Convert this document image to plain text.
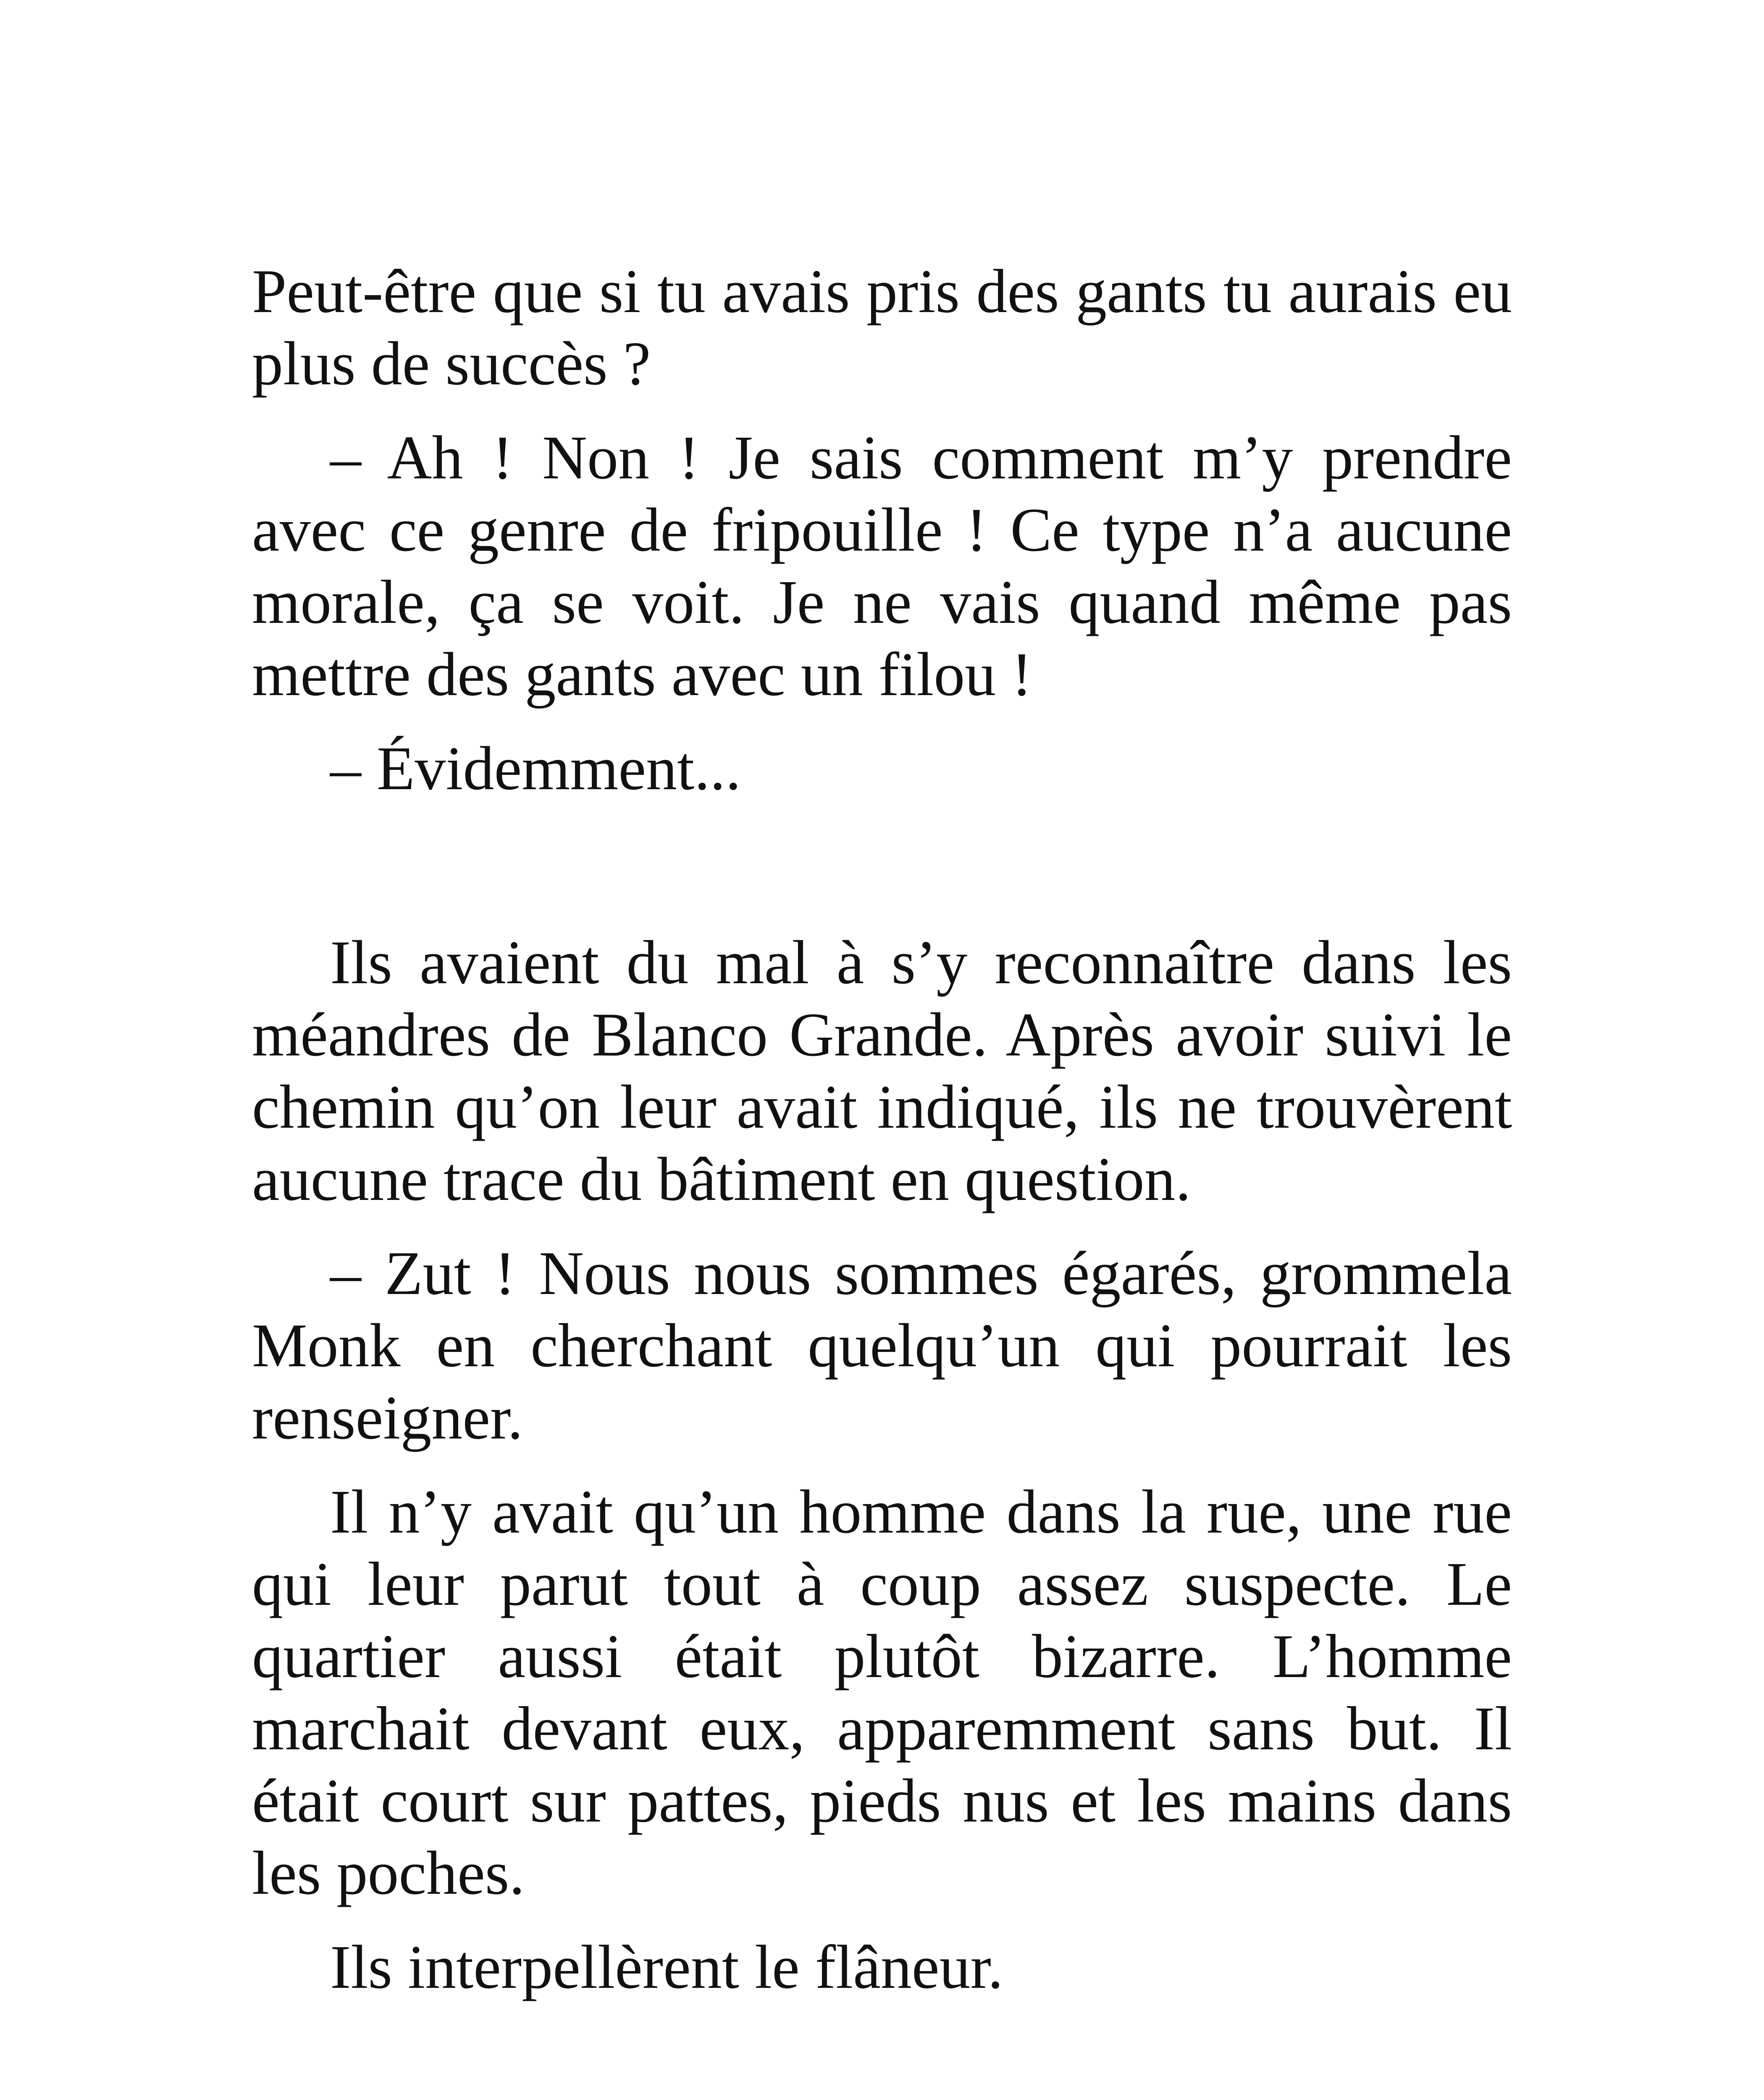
Peut-être que si tu avais pris des gants tu aurais eu plus de succès ?

– Ah ! Non ! Je sais comment m’y prendre avec ce genre de fripouille ! Ce type n’a aucune morale, ça se voit. Je ne vais quand même pas mettre des gants avec un filou !

– Évidemment...

Ils avaient du mal à s’y reconnaître dans les méandres de Blanco Grande. Après avoir suivi le chemin qu’on leur avait indiqué, ils ne trouvèrent aucune trace du bâtiment en question.

– Zut ! Nous nous sommes égarés, grommela Monk en cherchant quelqu’un qui pourrait les renseigner.

Il n’y avait qu’un homme dans la rue, une rue qui leur parut tout à coup assez suspecte. Le quartier aussi était plutôt bizarre. L’homme marchait devant eux, apparemment sans but. Il était court sur pattes, pieds nus et les mains dans les poches.

Ils interpellèrent le flâneur.
